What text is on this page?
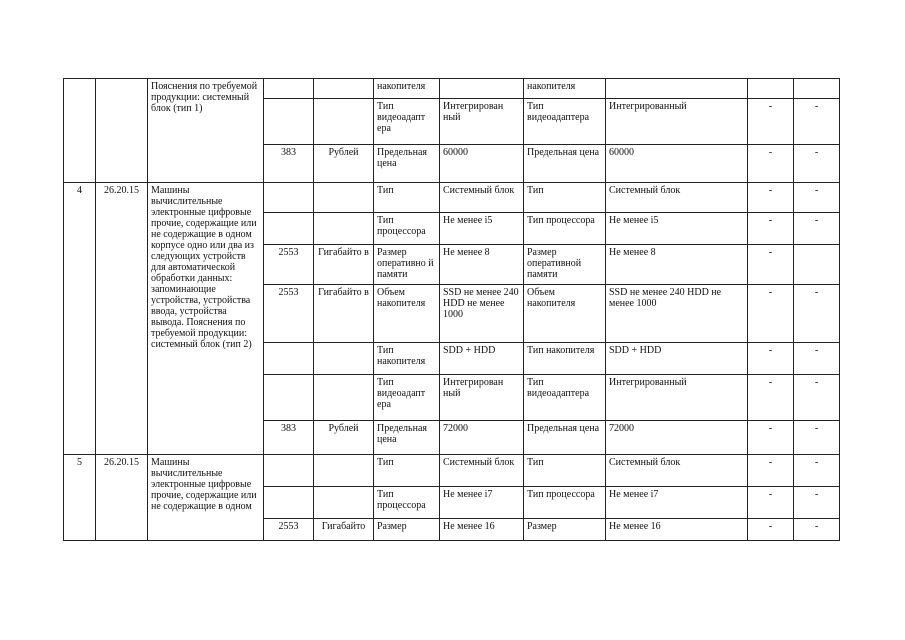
		Пояснения по требуемой продукции: системный блок (тип 1)			накопителя		накопителя			
					Тип видеоадапт ера	Интегрирован ный	Тип видеоадаптера	Интегрированный	-	-
			383	Рублей	Предельная цена	60000	Предельная цена	60000	-	-
4	26.20.15	Машины вычислительные электронные цифровые прочие, содержащие или не содержащие в одном корпусе одно или два из следующих устройств для автоматической обработки данных: запоминающие устройства, устройства ввода, устройства вывода. Пояснения по требуемой продукции: системный блок (тип 2)			Тип	Системный блок	Тип	Системный блок	-	-
					Тип процессора	Не менее i5	Тип процессора	Не менее i5	-	-
			2553	Гигабайто в	Размер оперативно й памяти	Не менее 8	Размер оперативной памяти	Не менее 8	-	
			2553	Гигабайто в	Объем накопителя	SSD не менее 240 HDD не менее 1000	Объем накопителя	SSD не менее 240 HDD не менее 1000	-	-
					Тип накопителя	SDD + HDD	Тип накопителя	SDD + HDD	-	-
					Тип видеоадапт ера	Интегрирован ный	Тип видеоадаптера	Интегрированный	-	-
			383	Рублей	Предельная цена	72000	Предельная цена	72000	-	-
5	26.20.15	Машины вычислительные электронные цифровые прочие, содержащие или не содержащие в одном			Тип	Системный блок	Тип	Системный блок	-	-
					Тип процессора	Не менее i7	Тип процессора	Не менее i7	-	-
			2553	Гигабайто	Размер	Не менее 16	Размер	Не менее 16	-	-
